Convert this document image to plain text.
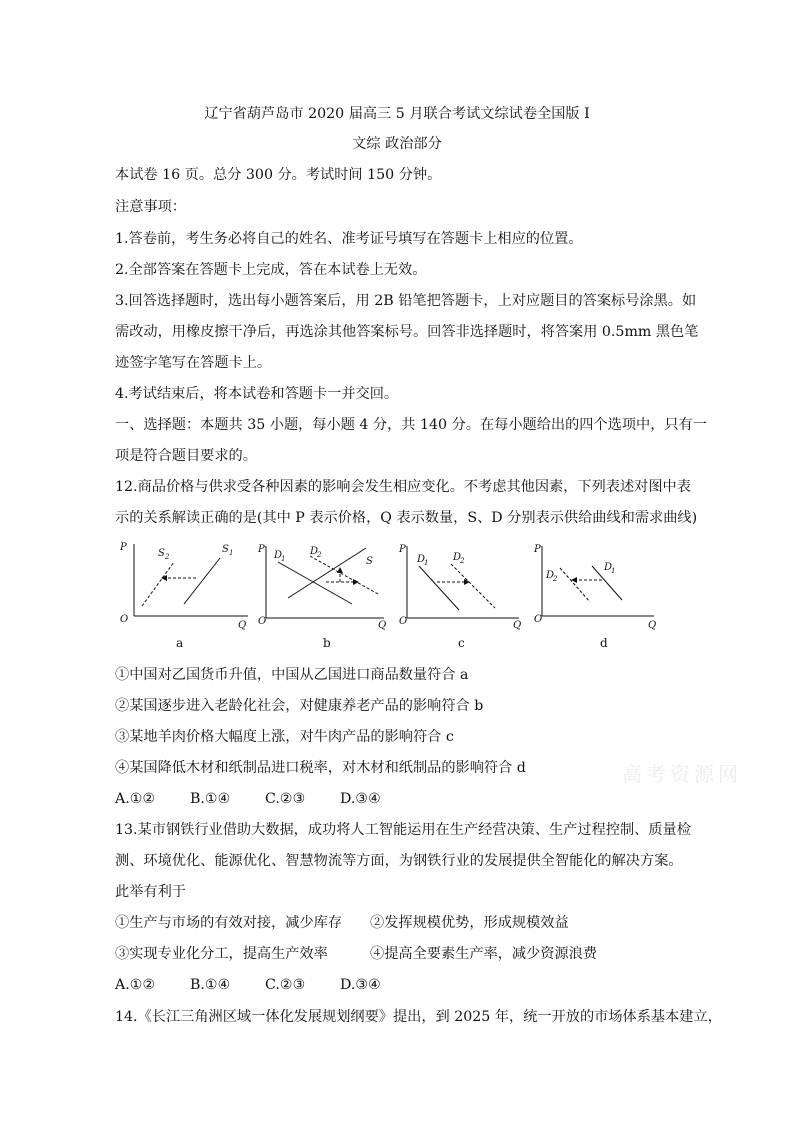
辽宁省葫芦岛市 2020 届高三 5 月联合考试文综试卷全国版 I
文综 政治部分
本试卷 16 页。总分 300 分。考试时间 150 分钟。
注意事项：
1.答卷前，考生务必将自己的姓名、准考证号填写在答题卡上相应的位置。
2.全部答案在答题卡上完成，答在本试卷上无效。
3.回答选择题时，选出每小题答案后，用 2B 铅笔把答题卡，上对应题目的答案标号涂黑。如
需改动，用橡皮擦干净后，再选涂其他答案标号。回答非选择题时，将答案用 0.5mm 黑色笔
迹签字笔写在答题卡上。
4.考试结束后，将本试卷和答题卡一并交回。
一、选择题：本题共 35 小题，每小题 4 分，共 140 分。在每小题给出的四个选项中，只有一
项是符合题目要求的。
12.商品价格与供求受各种因素的影响会发生相应变化。不考虑其他因素，下列表述对图中表
示的关系解读正确的是(其中 P 表示价格，Q 表示数量，S、D 分别表示供给曲线和需求曲线)
P
O
Q
S 2
S 1
a
P
O	Q
D
1
D
2
S
b
P
O	Q
D
1 D
2
c
P
O
Q
D
2
D
1
d
①中国对乙国货币升值，中国从乙国进口商品数量符合 a
②某国逐步进入老龄化社会，对健康养老产品的影响符合 b
③某地羊肉价格大幅度上涨，对牛肉产品的影响符合 c
④某国降低木材和纸制品进口税率，对木材和纸制品的影响符合 d
A.①② B.①④ C.②③ D.③④
高考资源网
13.某市钢铁行业借助大数据，成功将人工智能运用在生产经营决策、生产过程控制、质量检
测、环境优化、能源优化、智慧物流等方面，为钢铁行业的发展提供全智能化的解决方案。
此举有利于
①生产与市场的有效对接，减少库存 ②发挥规模优势，形成规模效益
③实现专业化分工，提高生产效率	④提高全要素生产率，减少资源浪费
A.①② B.①④ C.②③ D.③④
14.《长江三角洲区域一体化发展规划纲要》提出，到 2025 年，统一开放的市场体系基本建立，
